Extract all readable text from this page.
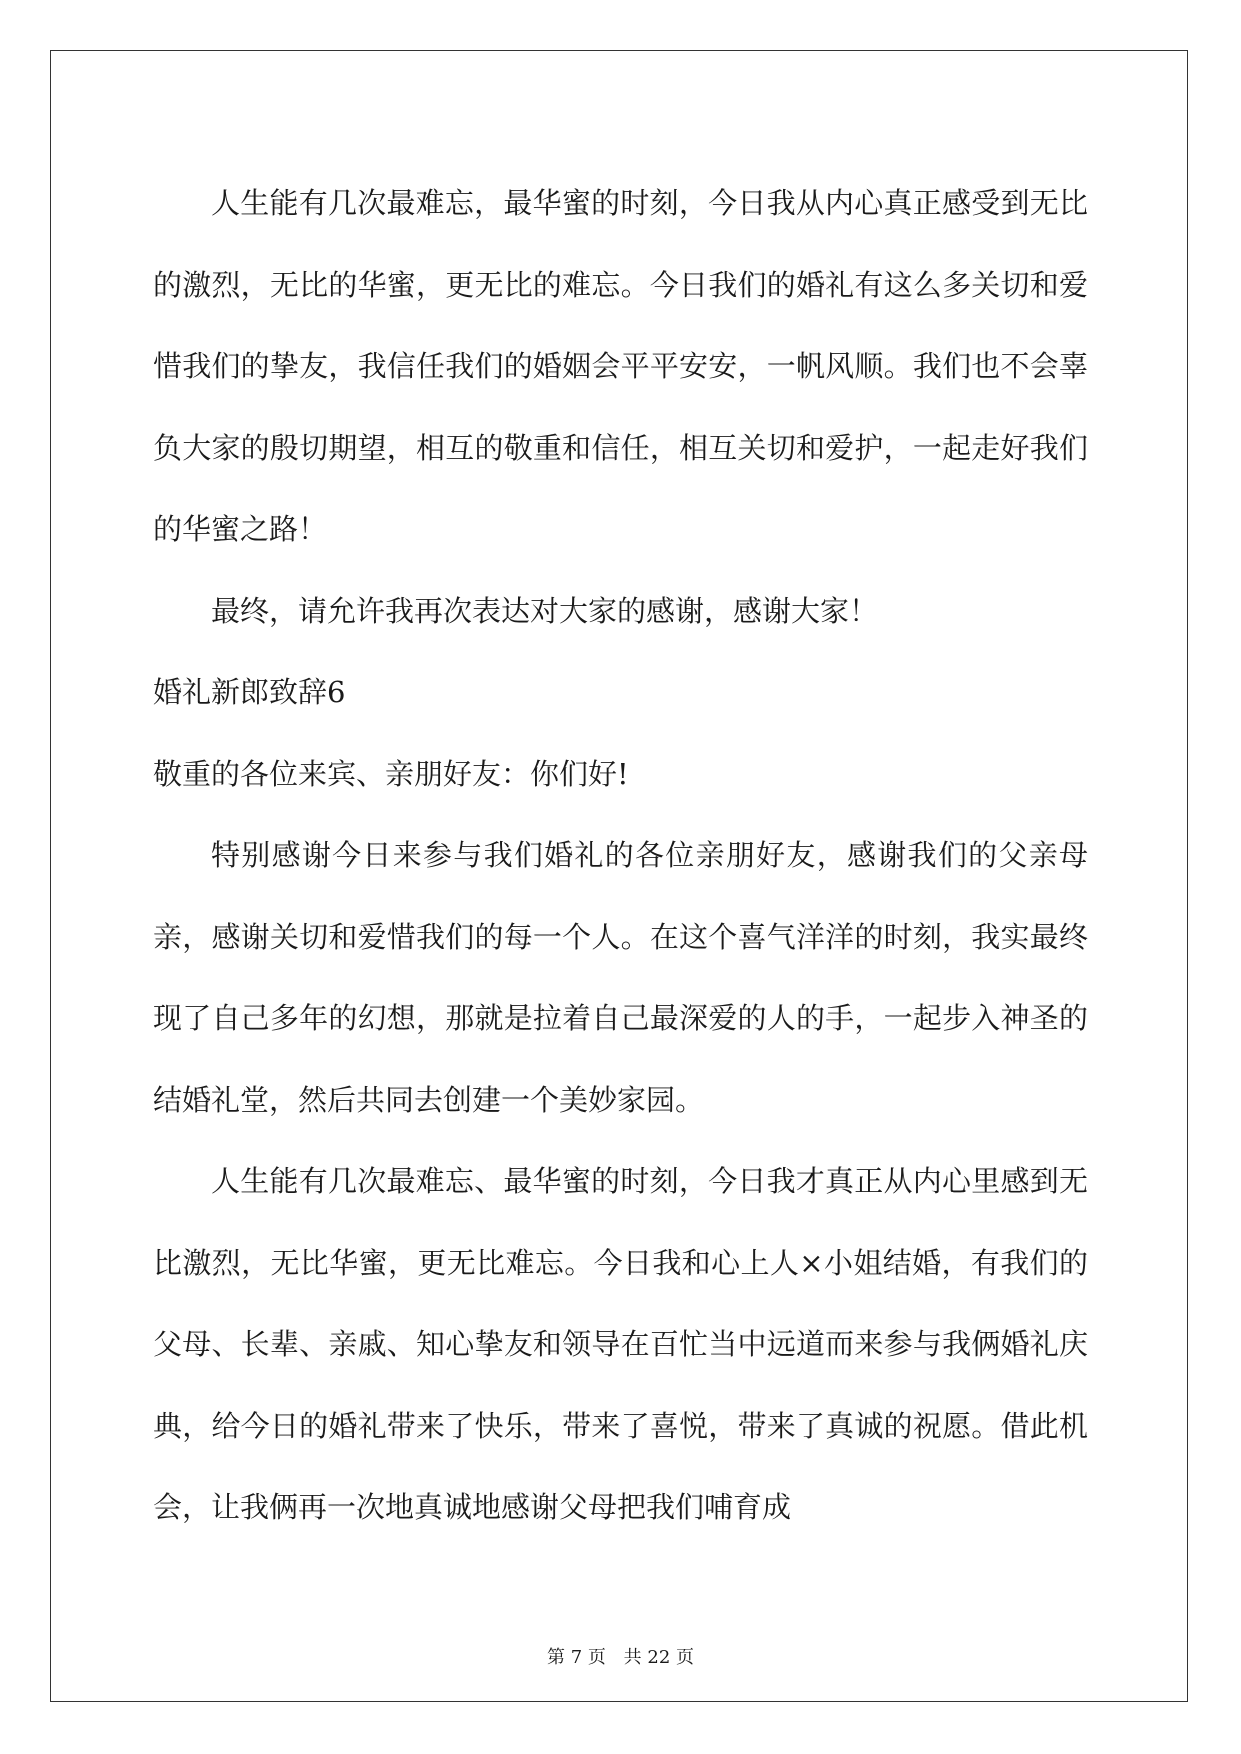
人生能有几次最难忘，最华蜜的时刻，今日我从内心真正感受到无比的激烈，无比的华蜜，更无比的难忘。今日我们的婚礼有这么多关切和爱惜我们的挚友，我信任我们的婚姻会平平安安，一帆风顺。我们也不会辜负大家的殷切期望，相互的敬重和信任，相互关切和爱护，一起走好我们的华蜜之路！

最终，请允许我再次表达对大家的感谢，感谢大家！

婚礼新郎致辞6

敬重的各位来宾、亲朋好友：你们好!

特别感谢今日来参与我们婚礼的各位亲朋好友，感谢我们的父亲母亲，感谢关切和爱惜我们的每一个人。在这个喜气洋洋的时刻，我实最终现了自己多年的幻想，那就是拉着自己最深爱的人的手，一起步入神圣的结婚礼堂，然后共同去创建一个美妙家园。

人生能有几次最难忘、最华蜜的时刻，今日我才真正从内心里感到无比激烈，无比华蜜，更无比难忘。今日我和心上人×小姐结婚，有我们的父母、长辈、亲戚、知心挚友和领导在百忙当中远道而来参与我俩婚礼庆典，给今日的婚礼带来了快乐，带来了喜悦，带来了真诚的祝愿。借此机会，让我俩再一次地真诚地感谢父母把我们哺育成

第 7 页 共 22 页
